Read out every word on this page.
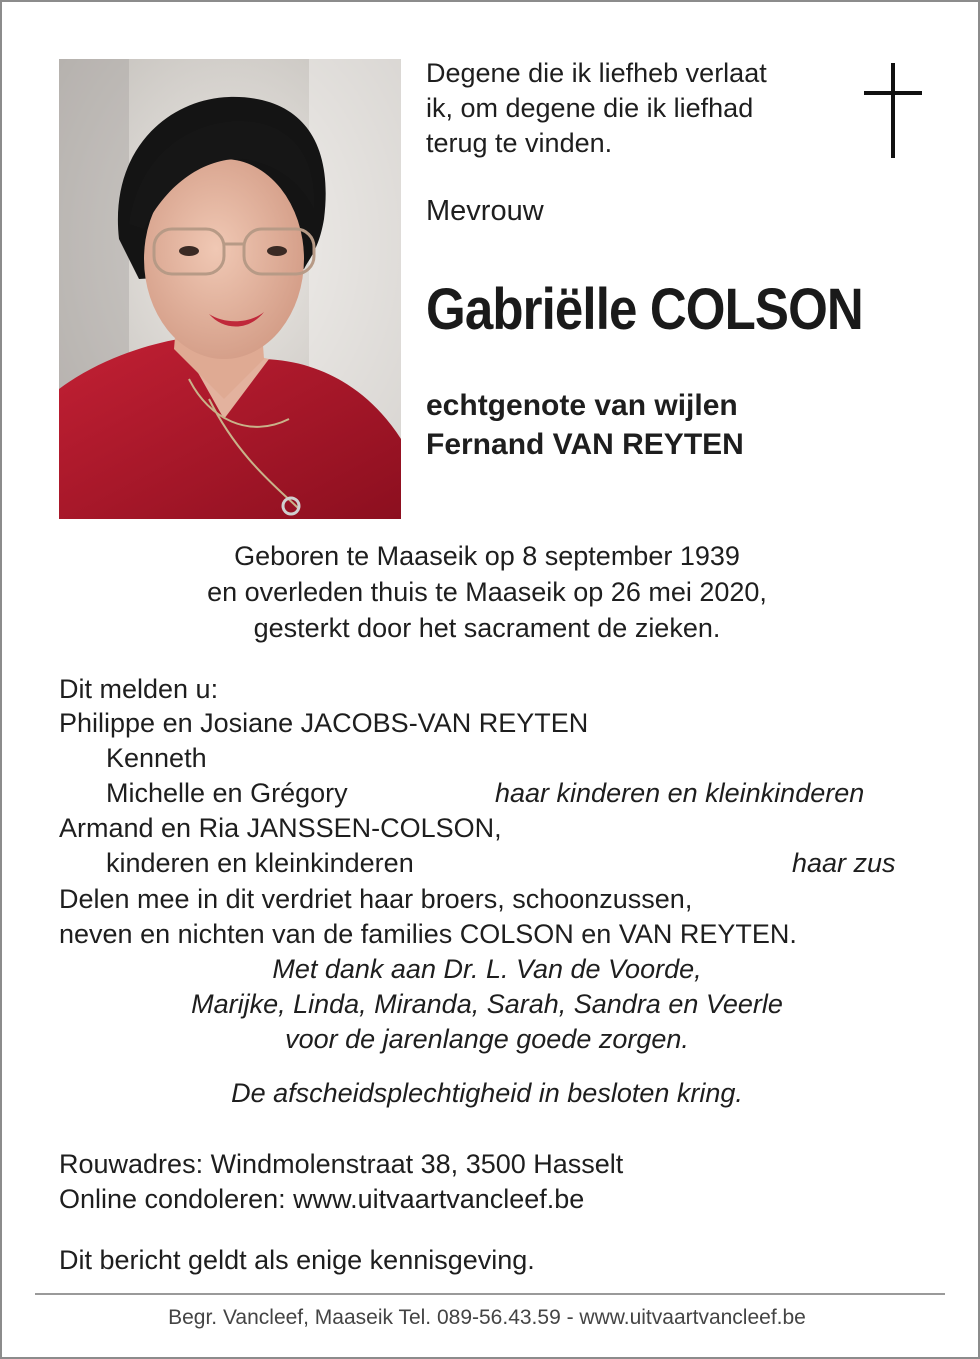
Degene die ik liefheb verlaat
ik, om degene die ik liefhad
terug te vinden.
Mevrouw
Gabriëlle COLSON
echtgenote van wijlen
Fernand VAN REYTEN
Geboren te Maaseik op 8 september 1939
en overleden thuis te Maaseik op 26 mei 2020,
gesterkt door het sacrament de zieken.
Dit melden u:
Philippe en Josiane JACOBS-VAN REYTEN
Kenneth
Michelle en Grégory	haar kinderen en kleinkinderen
Armand en Ria JANSSEN-COLSON,
kinderen en kleinkinderen	haar zus
Delen mee in dit verdriet haar broers, schoonzussen,
neven en nichten van de families COLSON en VAN REYTEN.
Met dank aan Dr. L. Van de Voorde,
Marijke, Linda, Miranda, Sarah, Sandra en Veerle
voor de jarenlange goede zorgen.
De afscheidsplechtigheid in besloten kring.
Rouwadres: Windmolenstraat 38, 3500 Hasselt
Online condoleren: www.uitvaartvancleef.be
Dit bericht geldt als enige kennisgeving.
Begr. Vancleef, Maaseik Tel. 089-56.43.59 - www.uitvaartvancleef.be
